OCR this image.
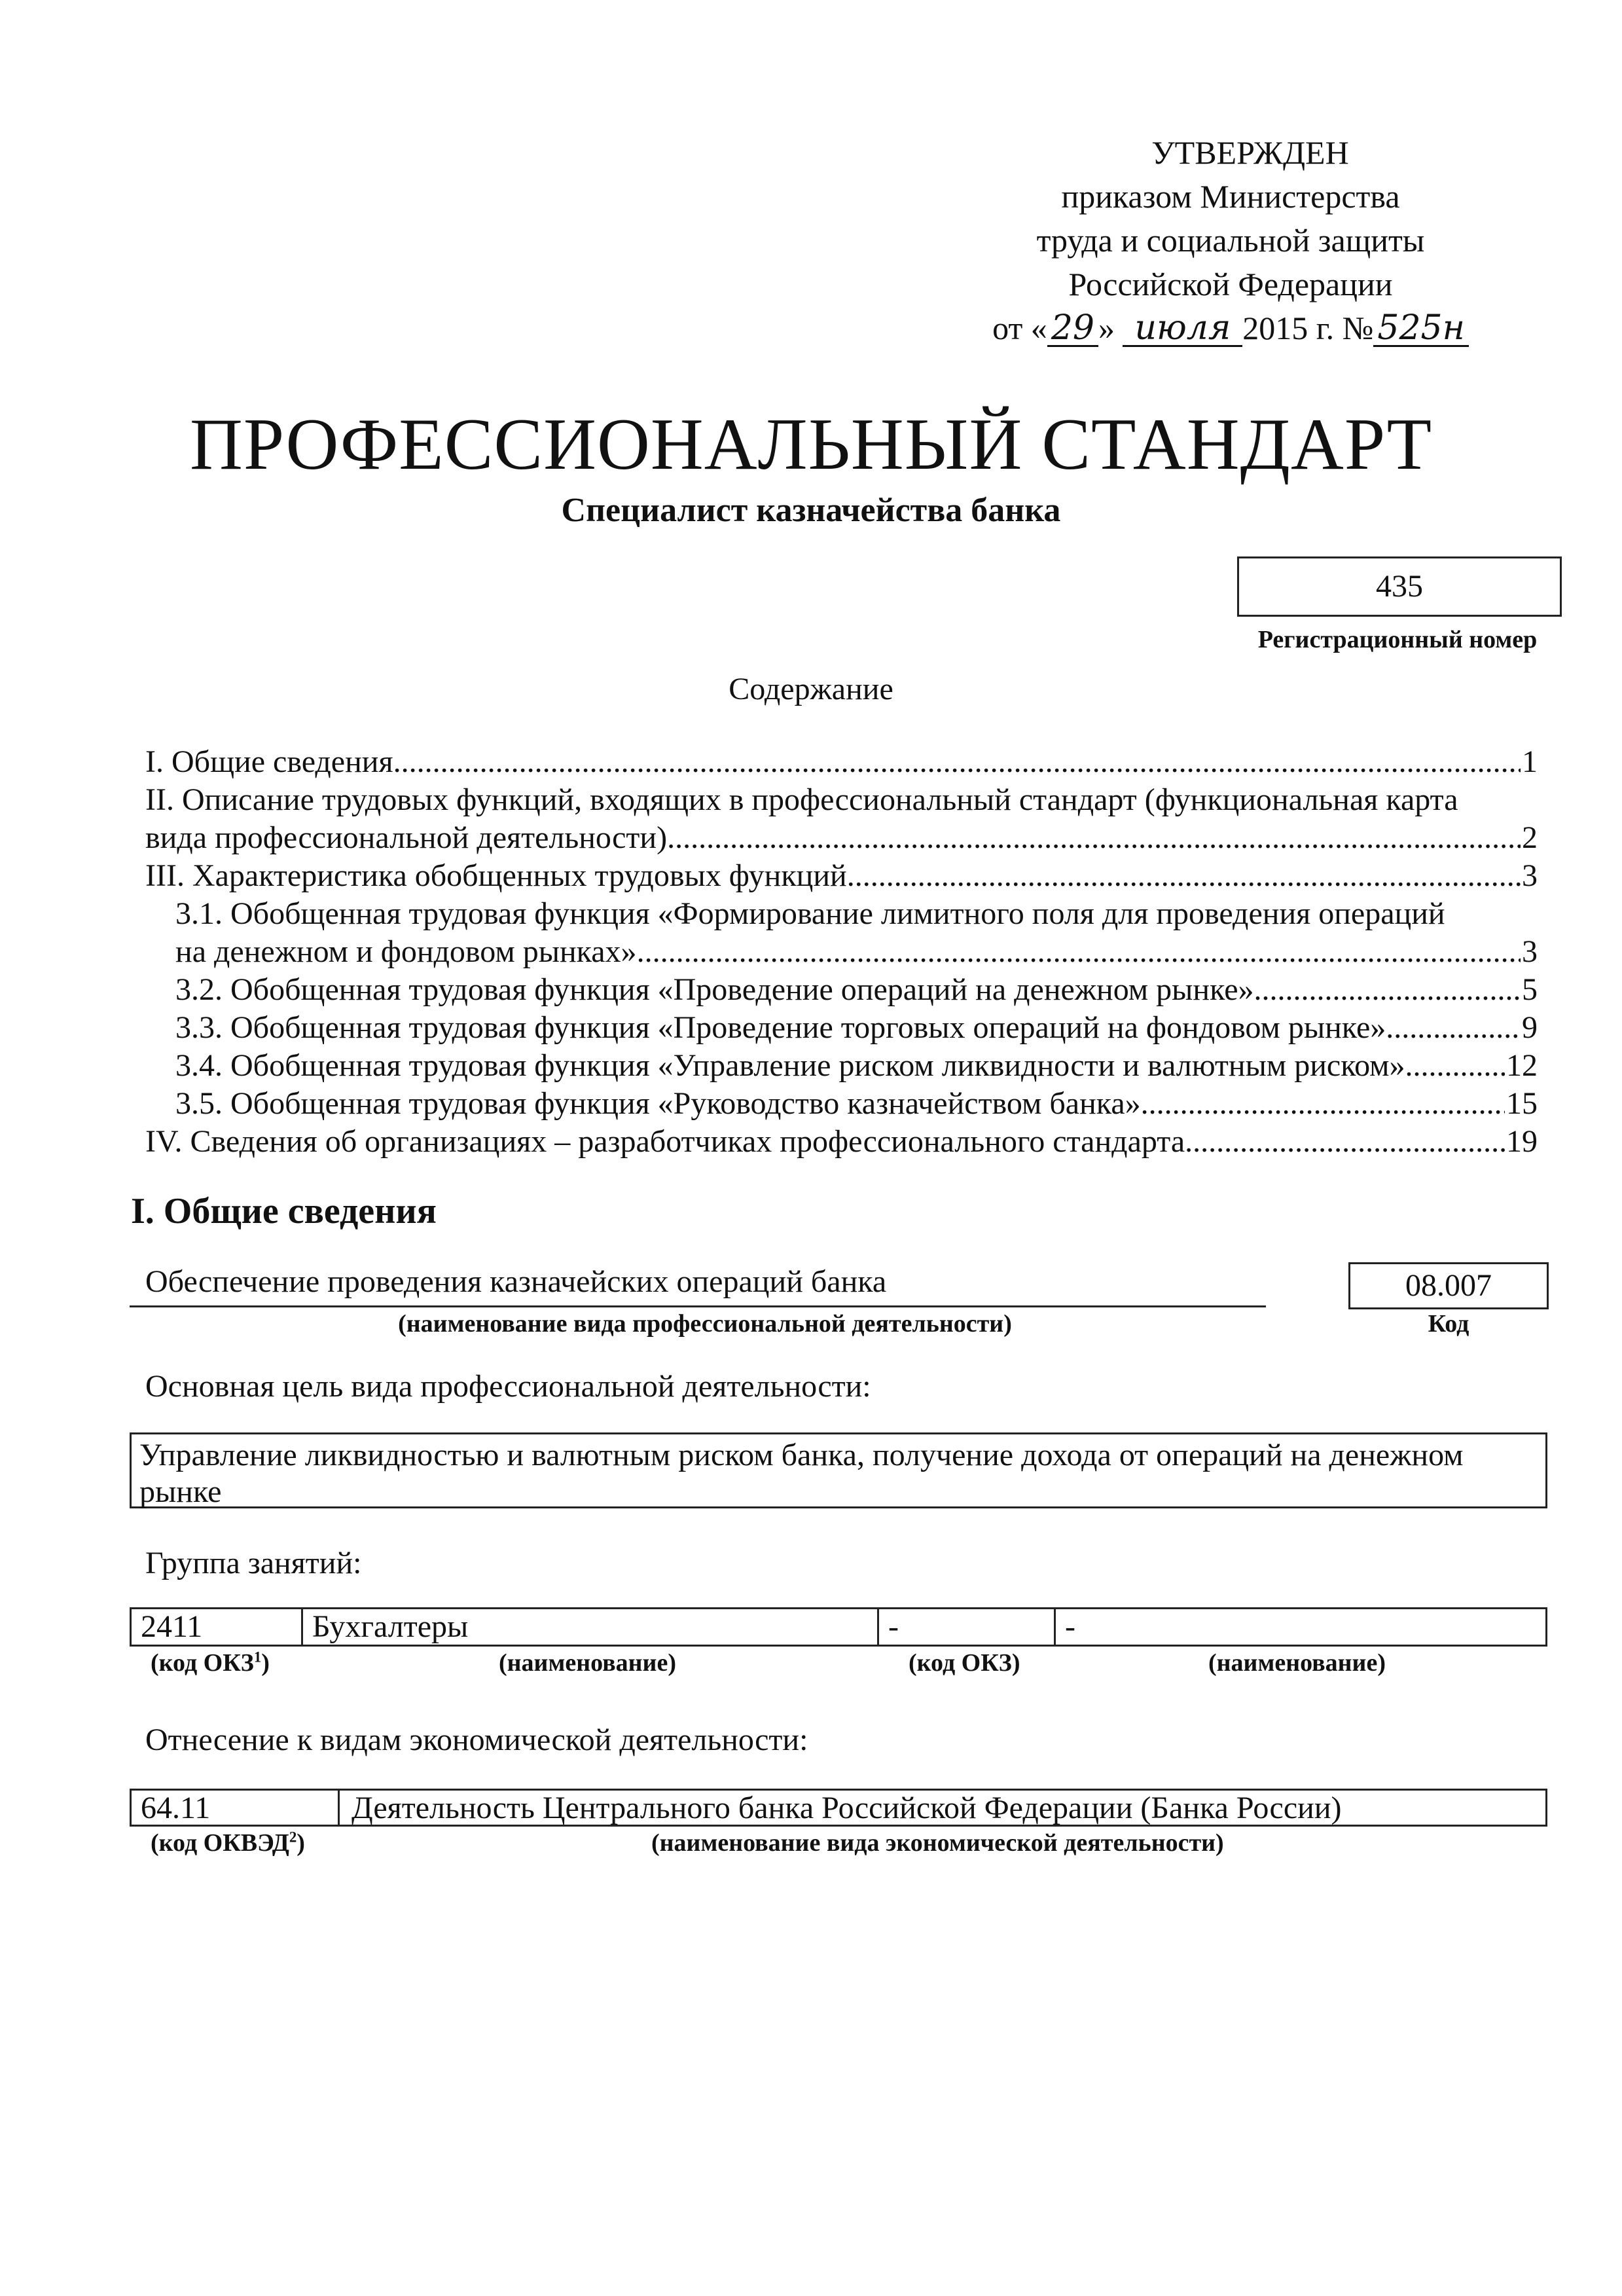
УТВЕРЖДЕН
приказом Министерства
труда и социальной защиты
Российской Федерации
от « 29 » июля 2015 г. № 525н
ПРОФЕССИОНАЛЬНЫЙ СТАНДАРТ
Специалист казначейства банка
435
Регистрационный номер
Содержание
I. Общие сведения .....	1
II. Описание трудовых функций, входящих в профессиональный стандарт (функциональная карта
вида профессиональной деятельности) .....	2
III. Характеристика обобщенных трудовых функций .....	3
3.1. Обобщенная трудовая функция «Формирование лимитного поля для проведения операций
на денежном и фондовом рынках» .....	3
3.2. Обобщенная трудовая функция «Проведение операций на денежном рынке» .....	5
3.3. Обобщенная трудовая функция «Проведение торговых операций на фондовом рынке» .....	9
3.4. Обобщенная трудовая функция «Управление риском ликвидности и валютным риском» .....	12
3.5. Обобщенная трудовая функция «Руководство казначейством банка» .....	15
IV. Сведения об организациях – разработчиках профессионального стандарта .....	19
I. Общие сведения
Обеспечение проведения казначейских операций банка
(наименование вида профессиональной деятельности)
08.007
Код
Основная цель вида профессиональной деятельности:
Управление ликвидностью и валютным риском банка, получение дохода от операций на денежном рынке
Группа занятий:
2411	Бухгалтеры	-	-
(код ОКЗ$^1$)	(наименование)	(код ОКЗ)	(наименование)
Отнесение к видам экономической деятельности:
64.11	Деятельность Центрального банка Российской Федерации (Банка России)
(код ОКВЭД$^2$)	(наименование вида экономической деятельности)
